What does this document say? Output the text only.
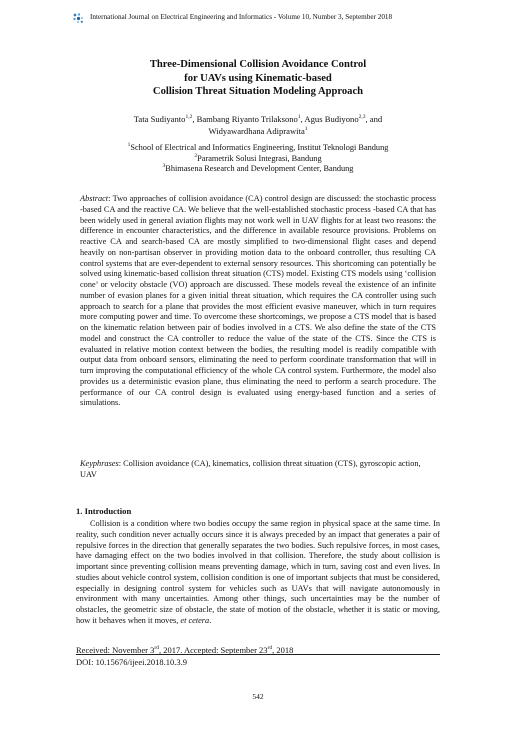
International Journal on Electrical Engineering and Informatics - Volume 10, Number 3, September 2018
Three-Dimensional Collision Avoidance Control
for UAVs using Kinematic-based
Collision Threat Situation Modeling Approach
Tata Sudiyanto$^{1,2}$, Bambang Riyanto Trilaksono$^1$, Agus Budiyono$^{2,3}$, and
Widyawardhana Adiprawita$^1$
$^1$School of Electrical and Informatics Engineering, Institut Teknologi Bandung
$^2$Parametrik Solusi Integrasi, Bandung
$^3$Bhimasena Research and Development Center, Bandung
Abstract: Two approaches of collision avoidance (CA) control design are discussed: the stochastic process -based CA and the reactive CA. We believe that the well-established stochastic process -based CA that has been widely used in general aviation flights may not work well in UAV flights for at least two reasons: the difference in encounter characteristics, and the difference in available resource provisions. Problems on reactive CA and search-based CA are mostly simplified to two-dimensional flight cases and depend heavily on non-partisan observer in providing motion data to the onboard controller, thus resulting CA control systems that are ever-dependent to external sensory resources. This shortcoming can potentially be solved using kinematic-based collision threat situation (CTS) model. Existing CTS models using ‘collision cone’ or velocity obstacle (VO) approach are discussed. These models reveal the existence of an infinite number of evasion planes for a given initial threat situation, which requires the CA controller using such approach to search for a plane that provides the most efficient evasive maneuver, which in turn requires more computing power and time. To overcome these shortcomings, we propose a CTS model that is based on the kinematic relation between pair of bodies involved in a CTS. We also define the state of the CTS model and construct the CA controller to reduce the value of the state of the CTS. Since the CTS is evaluated in relative motion context between the bodies, the resulting model is readily compatible with output data from onboard sensors, eliminating the need to perform coordinate transformation that will in turn improving the computational efficiency of the whole CA control system. Furthermore, the model also provides us a deterministic evasion plane, thus eliminating the need to perform a search procedure. The performance of our CA control design is evaluated using energy-based function and a series of simulations.
Keyphrases: Collision avoidance (CA), kinematics, collision threat situation (CTS), gyroscopic action, UAV
1. Introduction
Collision is a condition where two bodies occupy the same region in physical space at the same time. In reality, such condition never actually occurs since it is always preceded by an impact that generates a pair of repulsive forces in the direction that generally separates the two bodies. Such repulsive forces, in most cases, have damaging effect on the two bodies involved in that collision. Therefore, the study about collision is important since preventing collision means preventing damage, which in turn, saving cost and even lives. In studies about vehicle control system, collision condition is one of important subjects that must be considered, especially in designing control system for vehicles such as UAVs that will navigate autonomously in environment with many uncertainties. Among other things, such uncertainties may be the number of obstacles, the geometric size of obstacle, the state of motion of the obstacle, whether it is static or moving, how it behaves when it moves, et cetera.
Received: November 3rd, 2017. Accepted: September 23rd, 2018
DOI: 10.15676/ijeei.2018.10.3.9
542
